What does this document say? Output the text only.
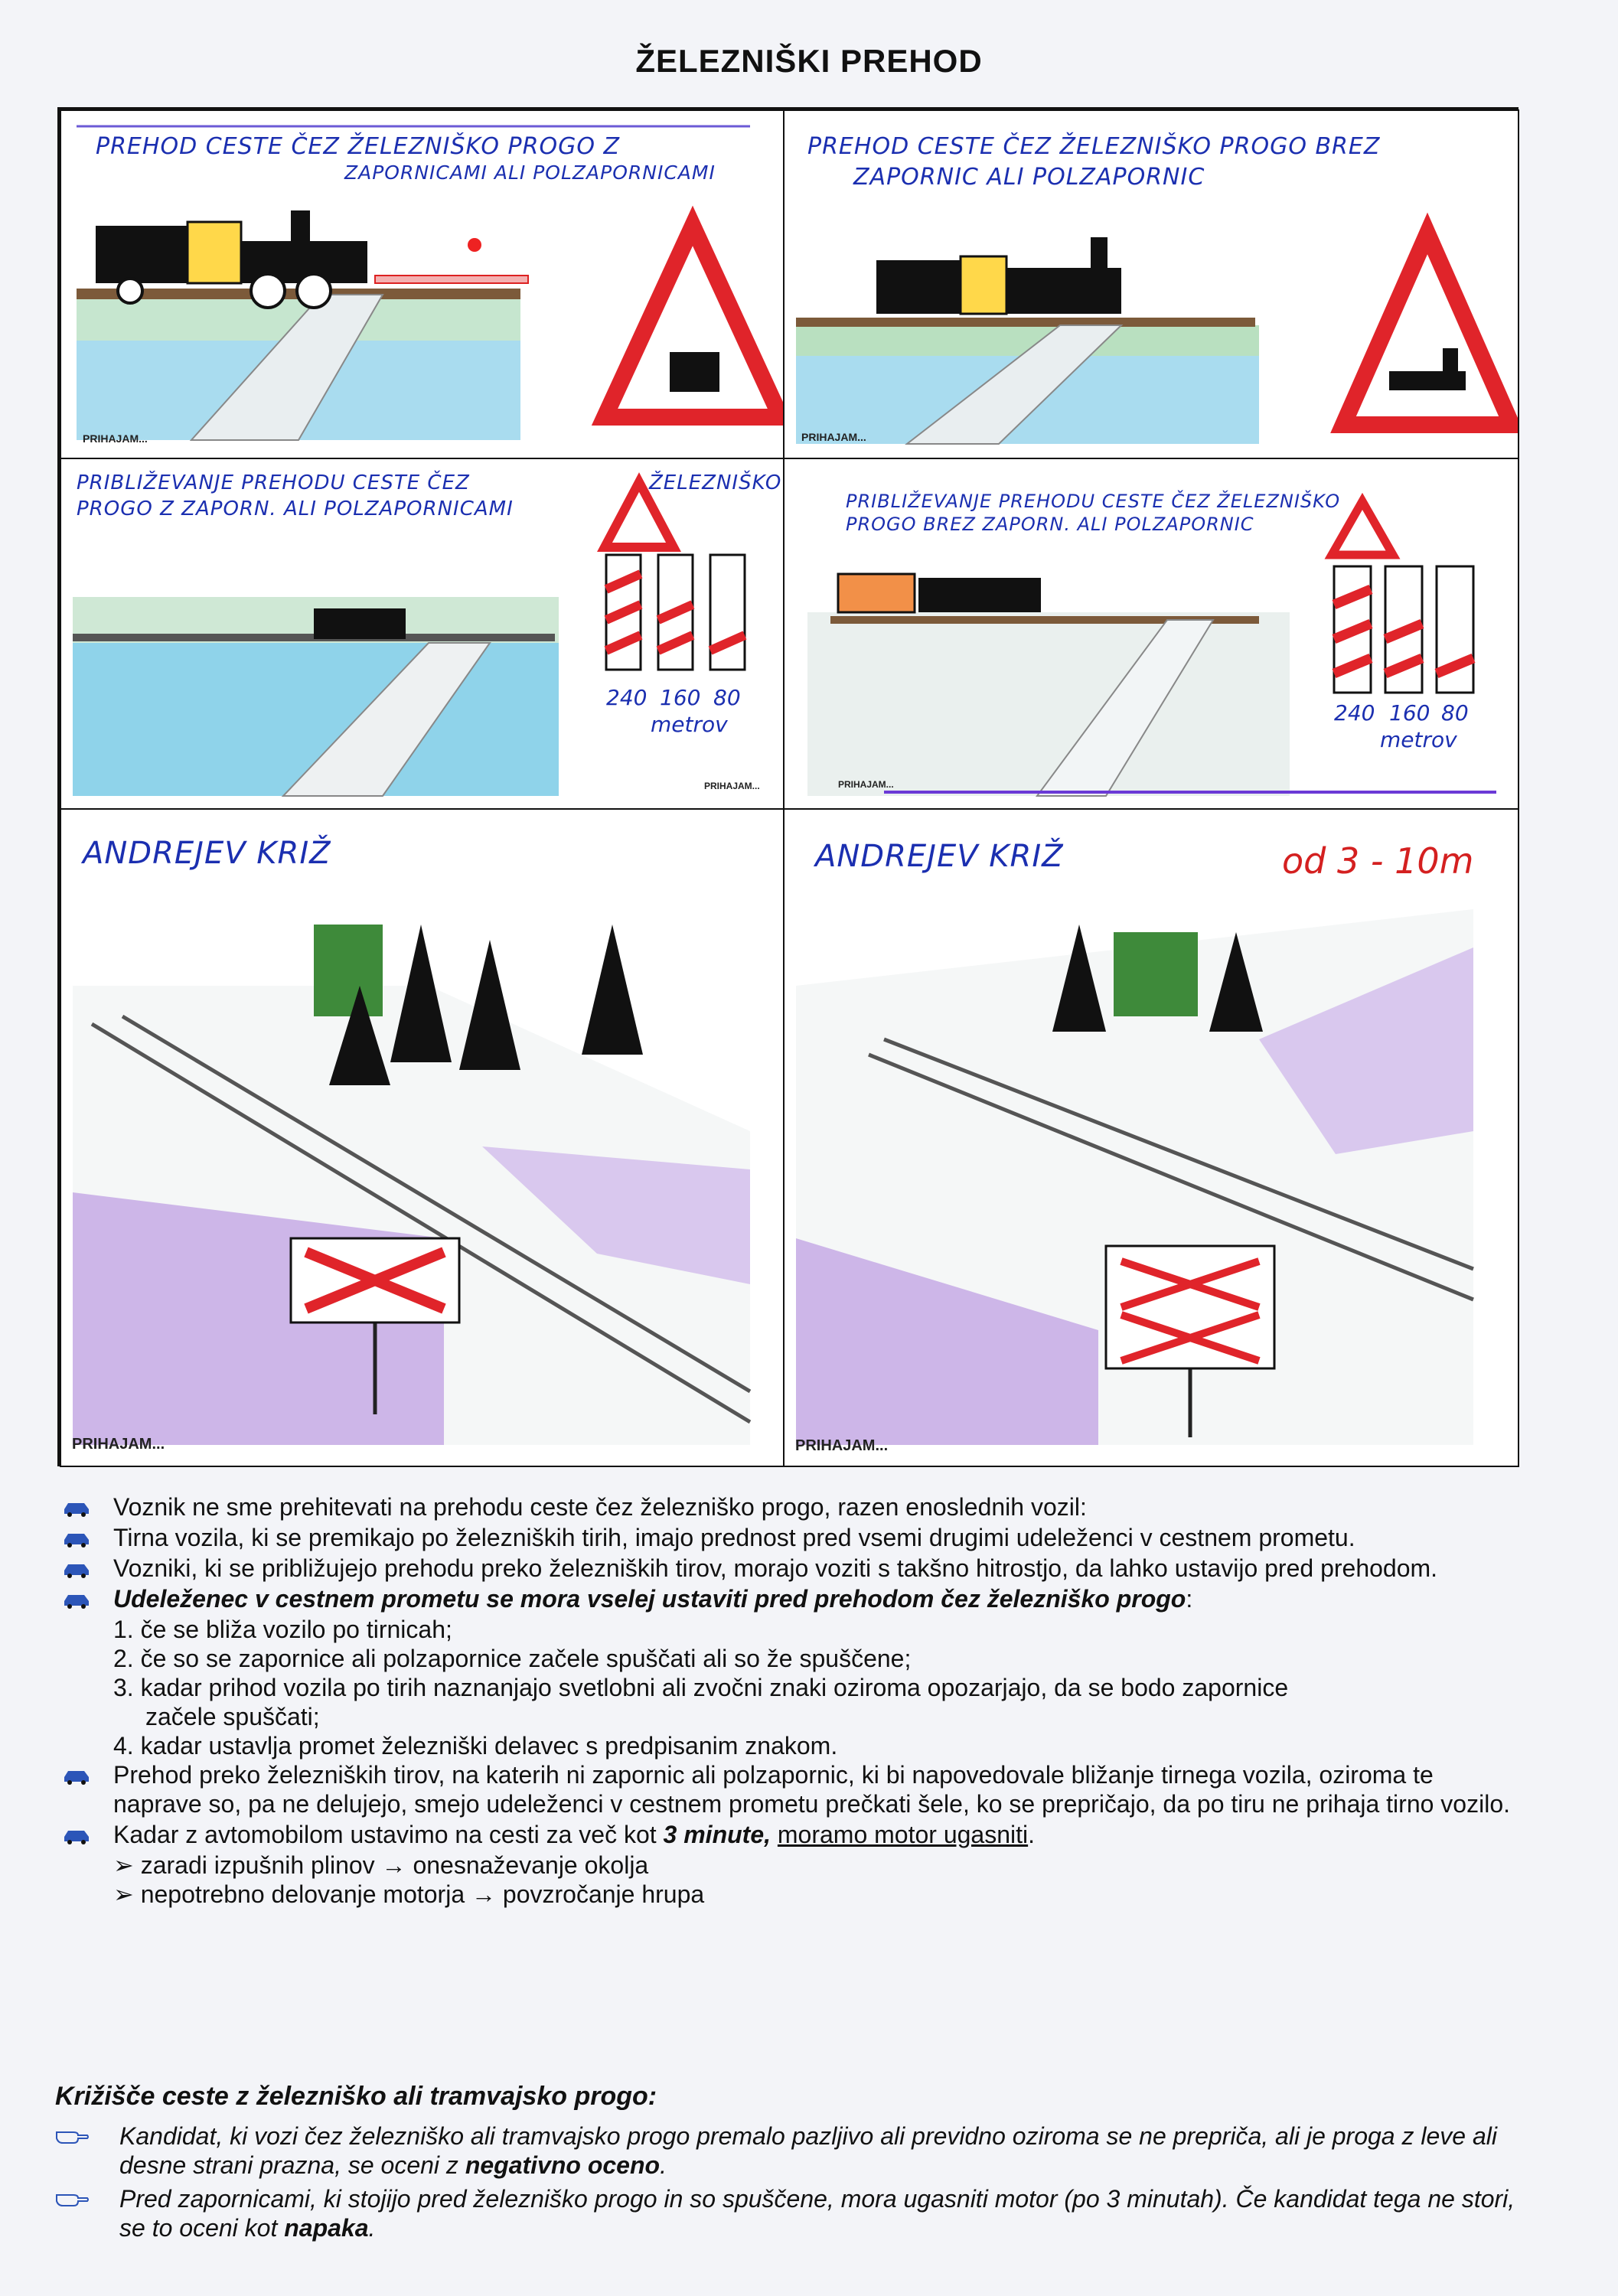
ŽELEZNIŠKI PREHOD
PREHOD CESTE ČEZ ŽELEZNIŠKO PROGO Z
ZAPORNICAMI ALI POLZAPORNICAMI
PRIHAJAM...
PREHOD CESTE ČEZ ŽELEZNIŠKO PROGO BREZ
ZAPORNIC ALI POLZAPORNIC
PRIHAJAM...
PRIBLIŽEVANJE PREHODU CESTE ČEZ
PROGO Z ZAPORN. ALI POLZAPORNICAMI
ŽELEZNIŠKO
240 160 80
metrov
PRIHAJAM...
PRIBLIŽEVANJE PREHODU CESTE ČEZ ŽELEZNIŠKO
PROGO BREZ ZAPORN. ALI POLZAPORNIC
240 160 80
metrov
PRIHAJAM...
ANDREJEV KRIŽ
PRIHAJAM...
ANDREJEV KRIŽ	od 3 - 10m
PRIHAJAM...
Voznik ne sme prehitevati na prehodu ceste čez železniško progo, razen enoslednih vozil:
Tirna vozila, ki se premikajo po železniških tirih, imajo prednost pred vsemi drugimi udeleženci v cestnem prometu.
Vozniki, ki se približujejo prehodu preko železniških tirov, morajo voziti s takšno hitrostjo, da lahko ustavijo pred prehodom.
Udeleženec v cestnem prometu se mora vselej ustaviti pred prehodom čez železniško progo:
1. če se bliža vozilo po tirnicah;
2. če so se zapornice ali polzapornice začele spuščati ali so že spuščene;
3. kadar prihod vozila po tirih naznanjajo svetlobni ali zvočni znaki oziroma opozarjajo, da se bodo zapornice
začele spuščati;
4. kadar ustavlja promet železniški delavec s predpisanim znakom.
Prehod preko železniških tirov, na katerih ni zapornic ali polzapornic, ki bi napovedovale bližanje tirnega vozila, oziroma te naprave so, pa ne delujejo, smejo udeleženci v cestnem prometu prečkati šele, ko se prepričajo, da po tiru ne prihaja tirno vozilo.
Kadar z avtomobilom ustavimo na cesti za več kot 3 minute, moramo motor ugasniti.
➢ zaradi izpušnih plinov → onesnaževanje okolja
➢ nepotrebno delovanje motorja → povzročanje hrupa
Križišče ceste z železniško ali tramvajsko progo:
Kandidat, ki vozi čez železniško ali tramvajsko progo premalo pazljivo ali previdno oziroma se ne prepriča, ali je proga z leve ali desne strani prazna, se oceni z negativno oceno.
Pred zapornicami, ki stojijo pred železniško progo in so spuščene, mora ugasniti motor (po 3 minutah). Če kandidat tega ne stori, se to oceni kot napaka.
